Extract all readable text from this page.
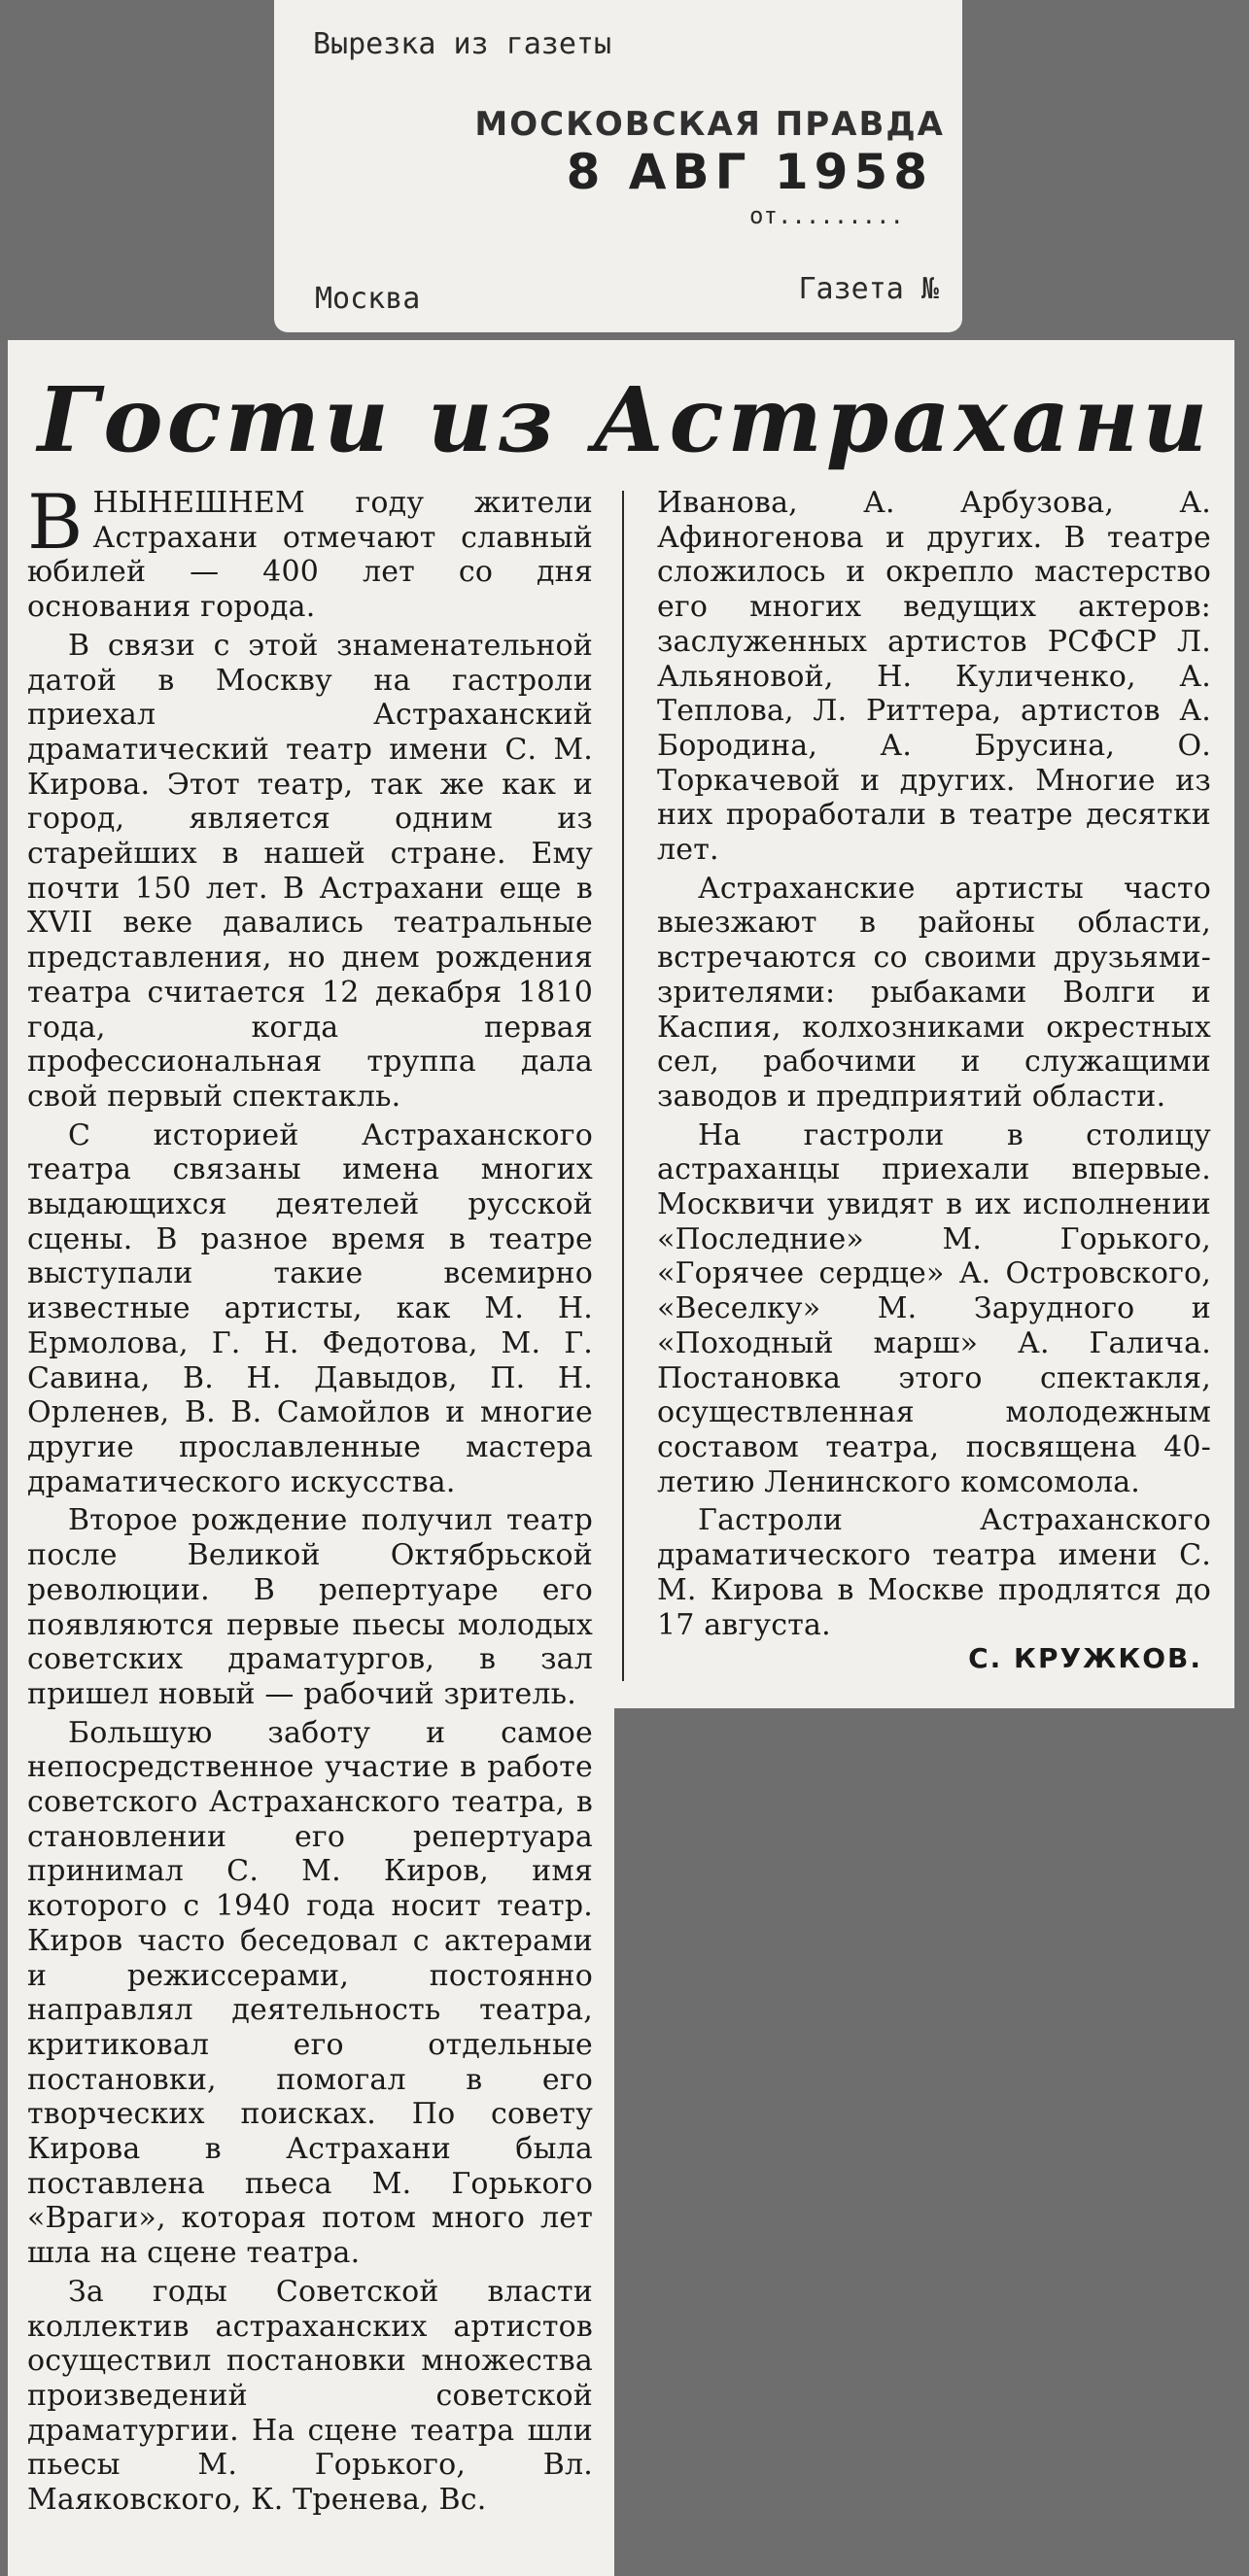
Вырезка из газеты
МОСКОВСКАЯ ПРАВДА
8 АВГ 1958
от.........
Москва	Газета №
Гости из Астрахани

ВНЫНЕШНЕМ году жители Астрахани отмечают славный юбилей — 400 лет со дня основания города.

В связи с этой знаменательной датой в Москву на гастроли приехал Астраханский драматический театр имени С. М. Кирова. Этот театр, так же как и город, является одним из старейших в нашей стране. Ему почти 150 лет. В Астрахани еще в XVII веке давались театральные представления, но днем рождения театра считается 12 декабря 1810 года, когда первая профессиональная труппа дала свой первый спектакль.

С историей Астраханского театра связаны имена многих выдающихся деятелей русской сцены. В разное время в театре выступали такие всемирно известные артисты, как М. Н. Ермолова, Г. Н. Федотова, М. Г. Савина, В. Н. Давыдов, П. Н. Орленев, В. В. Самойлов и многие другие прославленные мастера драматического искусства.

Второе рождение получил театр после Великой Октябрьской революции. В репертуаре его появляются первые пьесы молодых советских драматургов, в зал пришел новый — рабочий зритель.

Большую заботу и самое непосредственное участие в работе советского Астраханского театра, в становлении его репертуара принимал С. М. Киров, имя которого с 1940 года носит театр. Киров часто беседовал с актерами и режиссерами, постоянно направлял деятельность театра, критиковал его отдельные постановки, помогал в его творческих поисках. По совету Кирова в Астрахани была поставлена пьеса М. Горького «Враги», которая потом много лет шла на сцене театра.

За годы Советской власти коллектив астраханских артистов осуществил постановки множества произведений советской драматургии. На сцене театра шли пьесы М. Горького, Вл. Маяковского, К. Тренева, Вс.

Иванова, А. Арбузова, А. Афиногенова и других. В театре сложилось и окрепло мастерство его многих ведущих актеров: заслуженных артистов РСФСР Л. Альяновой, Н. Куличенко, А. Теплова, Л. Риттера, артистов А. Бородина, А. Брусина, О. Торкачевой и других. Многие из них проработали в театре десятки лет.

Астраханские артисты часто выезжают в районы области, встречаются со своими друзьями-зрителями: рыбаками Волги и Каспия, колхозниками окрестных сел, рабочими и служащими заводов и предприятий области.

На гастроли в столицу астраханцы приехали впервые. Москвичи увидят в их исполнении «Последние» М. Горького, «Горячее сердце» А. Островского, «Веселку» М. Зарудного и «Походный марш» А. Галича. Постановка этого спектакля, осуществленная молодежным составом театра, посвящена 40-летию Ленинского комсомола.

Гастроли Астраханского драматического театра имени С. М. Кирова в Москве продлятся до 17 августа.

С. КРУЖКОВ.
